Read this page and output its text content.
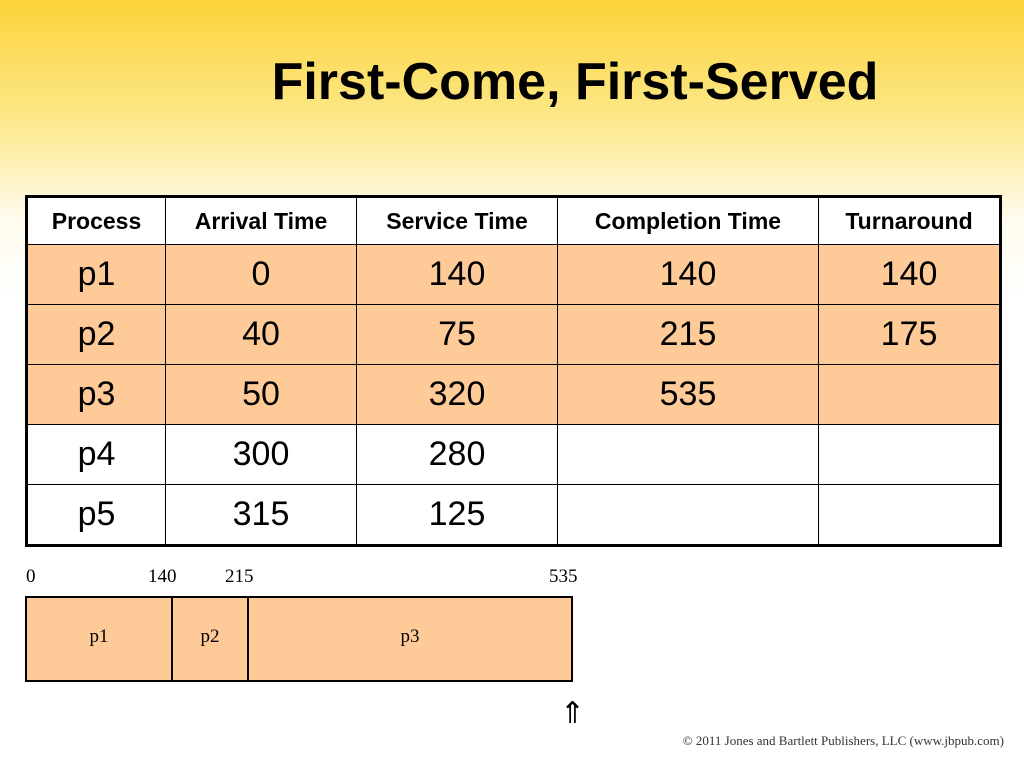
First-Come, First-Served
Process	Arrival Time	Service Time	Completion Time	Turnaround
p1	0	140	140	140
p2	40	75	215	175
p3	50	320	535	
p4	300	280		
p5	315	125		
0	140	215	535
p1	p2	p3
⇑
© 2011 Jones and Bartlett Publishers, LLC (www.jbpub.com)
